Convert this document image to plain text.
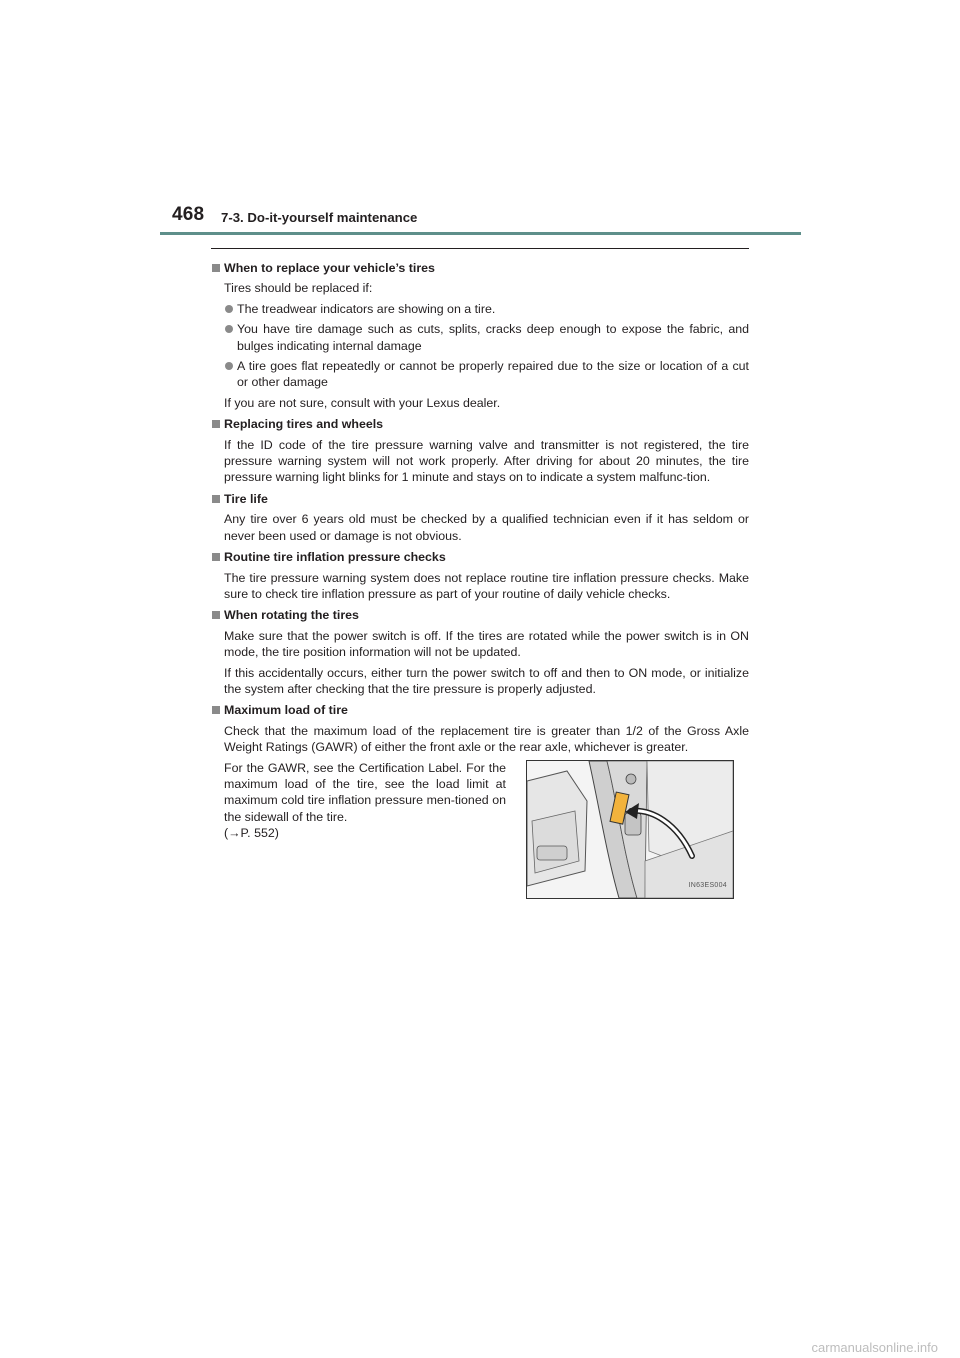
468 7-3. Do-it-yourself maintenance
When to replace your vehicle’s tires
Tires should be replaced if:
The treadwear indicators are showing on a tire.
You have tire damage such as cuts, splits, cracks deep enough to expose the fabric, and bulges indicating internal damage
A tire goes flat repeatedly or cannot be properly repaired due to the size or location of a cut or other damage
If you are not sure, consult with your Lexus dealer.
Replacing tires and wheels
If the ID code of the tire pressure warning valve and transmitter is not registered, the tire pressure warning system will not work properly. After driving for about 20 minutes, the tire pressure warning light blinks for 1 minute and stays on to indicate a system malfunc-tion.
Tire life
Any tire over 6 years old must be checked by a qualified technician even if it has seldom or never been used or damage is not obvious.
Routine tire inflation pressure checks
The tire pressure warning system does not replace routine tire inflation pressure checks. Make sure to check tire inflation pressure as part of your routine of daily vehicle checks.
When rotating the tires
Make sure that the power switch is off. If the tires are rotated while the power switch is in ON mode, the tire position information will not be updated.
If this accidentally occurs, either turn the power switch to off and then to ON mode, or initialize the system after checking that the tire pressure is properly adjusted.
Maximum load of tire
Check that the maximum load of the replacement tire is greater than 1/2 of the Gross Axle Weight Ratings (GAWR) of either the front axle or the rear axle, whichever is greater.
For the GAWR, see the Certification Label. For the maximum load of the tire, see the load limit at maximum cold tire inflation pressure men-tioned on the sidewall of the tire.
(→P. 552)
IN63ES004
carmanualsonline.info
